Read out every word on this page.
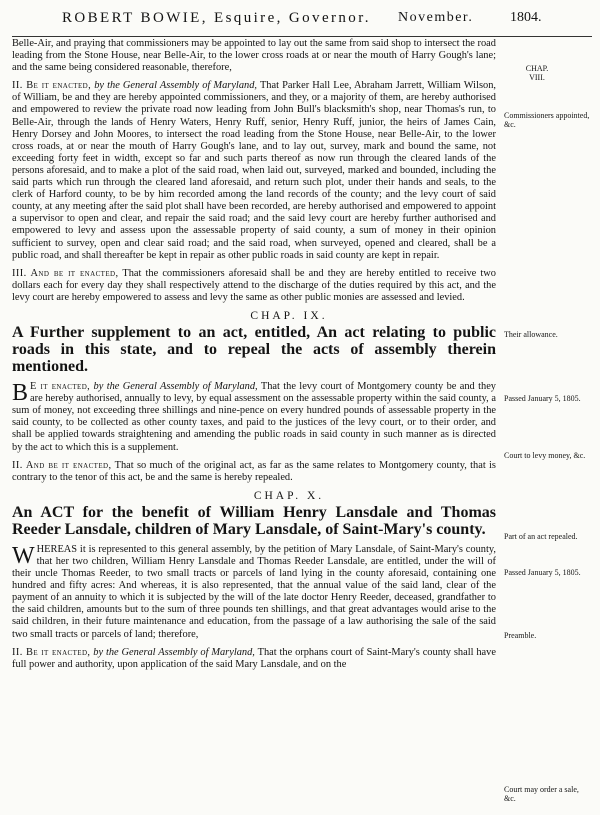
ROBERT BOWIE, Esquire, Governor. November.	1804.

Belle-Air, and praying that commissioners may be appointed to lay out the same from said shop to intersect the road leading from the Stone House, near Belle-Air, to the lower cross roads at or near the mouth of Harry Gough's lane; and the same being considered reasonable, therefore,

II. Be it enacted, by the General Assembly of Maryland, That Parker Hall Lee, Abraham Jarrett, William Wilson, of William, be and they are hereby appointed commissioners, and they, or a majority of them, are hereby authorised and empowered to review the private road now leading from John Bull's blacksmith's shop, near Thomas's run, to Belle-Air, through the lands of Henry Waters, Henry Ruff, senior, Henry Ruff, junior, the heirs of James Cain, Henry Dorsey and John Moores, to intersect the road leading from the Stone House, near Belle-Air, to the lower cross roads, at or near the mouth of Harry Gough's lane, and to lay out, survey, mark and bound the same, not exceeding forty feet in width, except so far and such parts thereof as now run through the cleared lands of the persons aforesaid, and to make a plot of the said road, when laid out, surveyed, marked and bounded, including the said parts which run through the cleared land aforesaid, and return such plot, under their hands and seals, to the clerk of Harford county, to be by him recorded among the land records of the county; and the levy court of said county, at any meeting after the said plot shall have been recorded, are hereby authorised and empowered to appoint a supervisor to open and clear, and repair the said road; and the said levy court are hereby further authorised and empowered to levy and assess upon the assessable property of said county, a sum of money in their opinion sufficient to survey, open and clear said road; and the said road, when surveyed, opened and cleared, shall be a public road, and shall thereafter be kept in repair as other public roads in said county are kept in repair.

III. And be it enacted, That the commissioners aforesaid shall be and they are hereby entitled to receive two dollars each for every day they shall respectively attend to the discharge of the duties required by this act, and the levy court are hereby empowered to assess and levy the same as other public monies are assessed and levied.

CHAP. IX.
A Further supplement to an act, entitled, An act relating to public roads in this state, and to repeal the acts of assembly therein mentioned.

B E it enacted, by the General Assembly of Maryland, That the levy court of Montgomery county be and they are hereby authorised, annually to levy, by equal assessment on the assessable property within the said county, a sum of money, not exceeding three shillings and nine-pence on every hundred pounds of assessable property in the said county, to be collected as other county taxes, and paid to the justices of the levy court, or to their order, and shall be applied towards straightening and amending the public roads in said county in such manner as is directed by the act to which this is a supplement.

II. And be it enacted, That so much of the original act, as far as the same relates to Montgomery county, that is contrary to the tenor of this act, be and the same is hereby repealed.

CHAP. X.
An ACT for the benefit of William Henry Lansdale and Thomas Reeder Lansdale, children of Mary Lansdale, of Saint-Mary's county.

W HEREAS it is represented to this general assembly, by the petition of Mary Lansdale, of Saint-Mary's county, that her two children, William Henry Lansdale and Thomas Reeder Lansdale, are entitled, under the will of their uncle Thomas Reeder, to two small tracts or parcels of land lying in the county aforesaid, containing one hundred and fifty acres: And whereas, it is also represented, that the annual value of the said land, clear of the payment of an annuity to which it is subjected by the will of the late doctor Henry Reeder, deceased, grandfather to the said children, amounts but to the sum of three pounds ten shillings, and that great advantages would arise to the said children, in their future maintenance and education, from the passage of a law authorising the sale of the said two small tracts or parcels of land; therefore,

II. Be it enacted, by the General Assembly of Maryland, That the orphans court of Saint-Mary's county shall have full power and authority, upon application of the said Mary Lansdale, and on the

CHAP.
VIII.
Commissioners appointed, &c.
Their allowance.
Passed January 5, 1805.
Court to levy money, &c.
Part of an act repealed.
Passed January 5, 1805.
Preamble.
Court may order a sale, &c.
